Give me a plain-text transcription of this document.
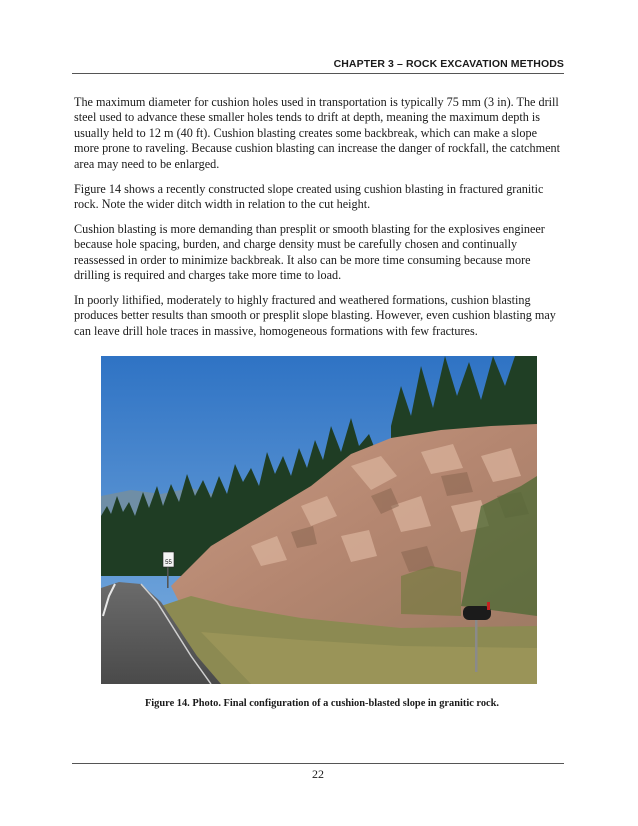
CHAPTER 3 – ROCK EXCAVATION METHODS

The maximum diameter for cushion holes used in transportation is typically 75 mm (3 in). The drill steel used to advance these smaller holes tends to drift at depth, meaning the maximum depth is usually held to 12 m (40 ft). Cushion blasting creates some backbreak, which can make a slope more prone to raveling. Because cushion blasting can increase the danger of rockfall, the catchment area may need to be enlarged.

Figure 14 shows a recently constructed slope created using cushion blasting in fractured granitic rock. Note the wider ditch width in relation to the cut height.

Cushion blasting is more demanding than presplit or smooth blasting for the explosives engineer because hole spacing, burden, and charge density must be carefully chosen and continually reassessed in order to minimize backbreak. It also can be more time consuming because more drilling is required and charges take more time to load.

In poorly lithified, moderately to highly fractured and weathered formations, cushion blasting produces better results than smooth or presplit slope blasting. However, even cushion blasting may can leave drill hole traces in massive, homogeneous formations with few fractures.

55
Figure 14. Photo. Final configuration of a cushion-blasted slope in granitic rock.
22
